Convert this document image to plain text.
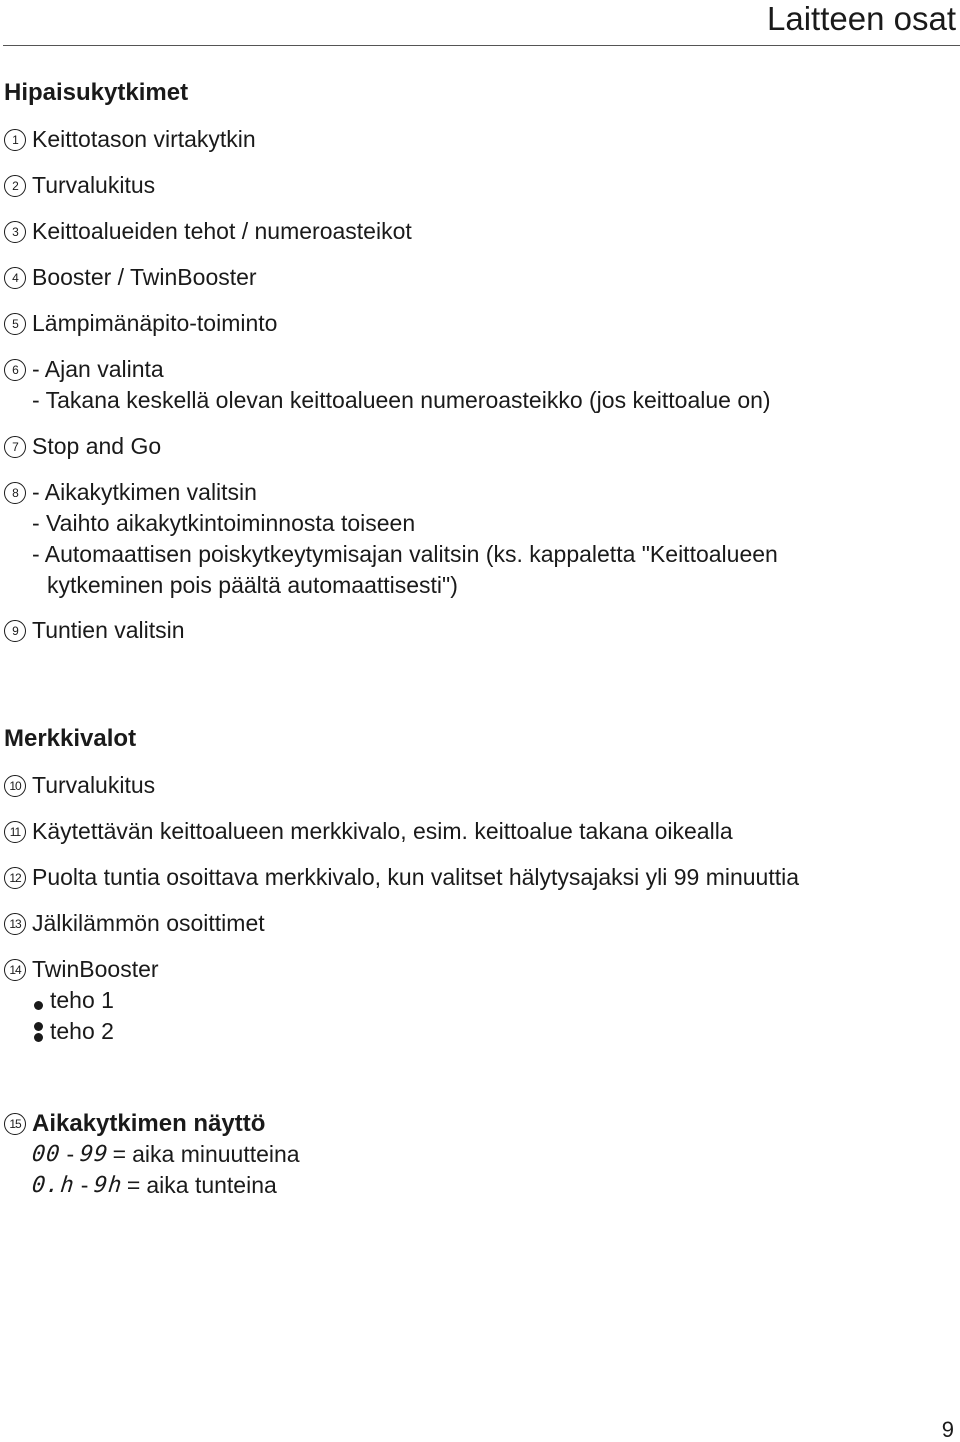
Laitteen osat
Hipaisukytkimet
1 Keittotason virtakytkin
2 Turvalukitus
3 Keittoalueiden tehot / numeroasteikot
4 Booster / TwinBooster
5 Lämpimänäpito-toiminto
6 - Ajan valinta
- Takana keskellä olevan keittoalueen numeroasteikko (jos keittoalue on)
7 Stop and Go
8 - Aikakytkimen valitsin
- Vaihto aikakytkintoiminnosta toiseen
- Automaattisen poiskytkeytymisajan valitsin (ks. kappaletta "Keittoalueen
kytkeminen pois päältä automaattisesti")
9 Tuntien valitsin
Merkkivalot
10 Turvalukitus
11 Käytettävän keittoalueen merkkivalo, esim. keittoalue takana oikealla
12 Puolta tuntia osoittava merkkivalo, kun valitset hälytysajaksi yli 99 minuuttia
13 Jälkilämmön osoittimet
14 TwinBooster
teho 1
teho 2
15 Aikakytkimen näyttö
00 - 99 = aika minuutteina
0.h - 9h = aika tunteina
9
